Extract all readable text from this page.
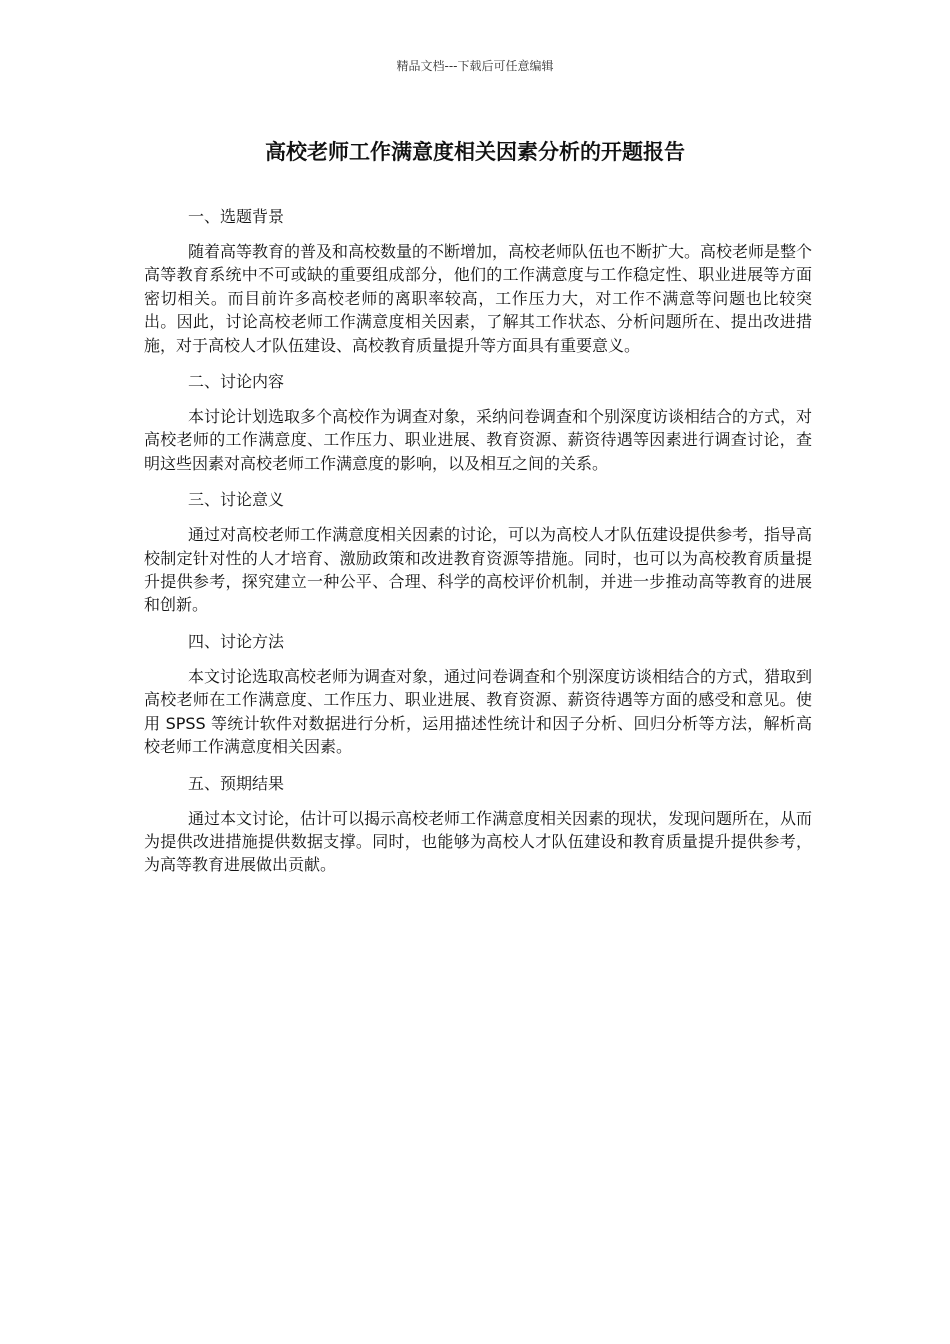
精品文档---下载后可任意编辑
高校老师工作满意度相关因素分析的开题报告

一、选题背景

随着高等教育的普及和高校数量的不断增加，高校老师队伍也不断扩大。高校老师是整个高等教育系统中不可或缺的重要组成部分，他们的工作满意度与工作稳定性、职业进展等方面密切相关。而目前许多高校老师的离职率较高，工作压力大，对工作不满意等问题也比较突出。因此，讨论高校老师工作满意度相关因素，了解其工作状态、分析问题所在、提出改进措施，对于高校人才队伍建设、高校教育质量提升等方面具有重要意义。

二、讨论内容

本讨论计划选取多个高校作为调查对象，采纳问卷调查和个别深度访谈相结合的方式，对高校老师的工作满意度、工作压力、职业进展、教育资源、薪资待遇等因素进行调查讨论，查明这些因素对高校老师工作满意度的影响，以及相互之间的关系。

三、讨论意义

通过对高校老师工作满意度相关因素的讨论，可以为高校人才队伍建设提供参考，指导高校制定针对性的人才培育、激励政策和改进教育资源等措施。同时，也可以为高校教育质量提升提供参考，探究建立一种公平、合理、科学的高校评价机制，并进一步推动高等教育的进展和创新。

四、讨论方法

本文讨论选取高校老师为调查对象，通过问卷调查和个别深度访谈相结合的方式，猎取到高校老师在工作满意度、工作压力、职业进展、教育资源、薪资待遇等方面的感受和意见。使用 SPSS 等统计软件对数据进行分析，运用描述性统计和因子分析、回归分析等方法，解析高校老师工作满意度相关因素。

五、预期结果

通过本文讨论，估计可以揭示高校老师工作满意度相关因素的现状，发现问题所在，从而为提供改进措施提供数据支撑。同时，也能够为高校人才队伍建设和教育质量提升提供参考，为高等教育进展做出贡献。
